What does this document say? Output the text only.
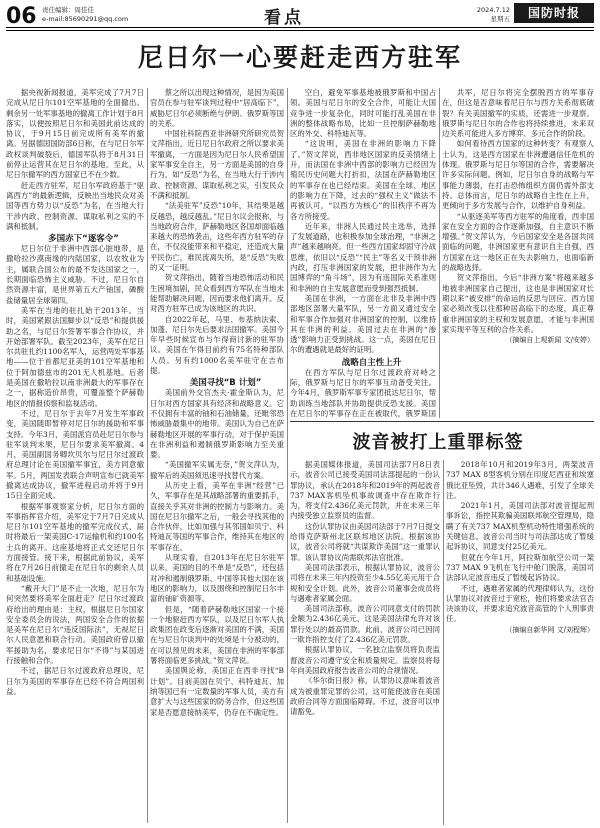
06 责任编辑：周佳佳
e-mail:85690291@qq.com	看点	2024.7.12
星期五	国防时报
尼日尔一心要赶走西方驻军

据央视新闻报道，美军完成了7月7日完成从尼日尔101空军基地的全面撤出。剩余另一处军事基地的撤离工作计划于8月落实，以便按照尼日尔和美国此前达成的协议，于9月15日前完成所有美军的撤离。另据德国国防部6日称，在与尼日尔军政权谈判破裂后，德国军队将于8月31日前停止运营其在尼日尔的基地。至此，从尼日尔撤军的西方国家已不在少数。

赶走西方驻军，尼日尔军政府基于“驱离西方”的最新逻辑，反映出当地民众对美国等西方势力以“反恐”为名，在当地大行干涉内政、控制资源、谋取私利之实的不满和抵制。

多国赤下“逐客令”

尼日尔位于非洲中西部心脏地带，是撒哈拉沙漠南缘的内陆国家，以农牧业为主，属联合国公布的最不发达国家之一，长期面临恐怖主义威胁。不过，尼日尔自然资源丰富，是世界第五大产铀国，磷酸盐储量居全球第四。

美军在当地的驻扎始于2013年。当时，美国紧跟法国脚步以“反恐”和提供援助之名，与尼日尔签署军事合作协议，并开始部署军队。截至2023年，美军在尼日尔共驻扎约1100名军人，运营两处军事基地——位于首都尼亚美的101空军基地和位于阿加德兹市的201无人机基地。后者是美国在撒哈拉以南非洲最大的军事存在之一，据称造价昂贵，可覆盖整个萨赫勒地区的情报侦察和监视活动。

不过，尼日尔于去年7月发生军事政变，美国随即暂停对尼日尔的援助和军事支持。今年3月，美国派官员赴尼日尔参与驻军谈判未果，尼日尔要求美军撤离。4月，美国副国务卿坎贝尔与尼日尔过渡政府总理讨论在美国撤军事宜，美方同意撤军。5月，两国发表联合声明宣布已就美军撤离达成协议，撤军进程启动并将于9月15日全面完成。

根据军事观察家分析，尼日尔方面的军事指挥官介绍，美军定于7月7日完成从尼日尔101空军基地的撤军完成仪式，届时将最后一架美国C-17运输机和约100名士兵的离开。这座基地将正式交还尼日尔方面接管。接下来，根据此前协议，美军将在7月26日前撤走在尼日尔的剩余人员和基础设施。

“戴开大门”是不止一次地，尼日尔为何突然要将美军全面赶走？尼日尔过渡政府给出的理由是：主权，根据尼日尔国家安全委员会的说法，两国安全合作的依据是美军在尼日尔“违反国际法”，无视尼日尔人民意愿和联合行动。美国政府曾以撤军援助为名，要求尼日尔“不得”与某国进行接触和合作。

不过，据尼日尔过渡政府总理说，尼日尔为美国的军事存在已经不符合两国利益。

蔡之所以出现这种情况，是因为美国官员在参与驻军谈判过程中“居高临下”，威胁尼日尔必须断绝与伊朗、俄罗斯等国的关系。

中国社科院西亚非洲研究所研究员贺文萍指出，近日尼日尔政府之所以要求美军撤离，一方面是因为尼日尔人民希望国家军事安全自主，另一方面是美国的自身行为，如“反恐”为名，在当地大行干涉内政、控制资源、谋取私利之实，引发民众不满和抵制。

“法美驻军”反恐”10年，其结果是越反越恐，越反越乱。”尼日尔议会报称，与当地政府合作，萨赫勒地区各国却面临越来越大的恐怖袭击，这些年西方驻军的存在，不仅没能带来和平稳定，还造成大量平民伤亡，难民流离失所，是“反恐”失败的又一证明。

贺文萍指出，随着当地恐怖活动和民生困境加剧，民众看到西方军队在当地未能帮助解决问题，因而要求他们离开。反对西方驻军已成为该地区的共识。

自2022年起，马里、布基纳法索、加蓬、尼日尔先后要求法国撤军。美国今年早些时候宣布与乍得商讨新的驻军协议。美国在乍得目前约有75名特种部队人员。另有约1000名美军驻守在吉布提。

美国寻找“B 计划”

美国前外交官杰夫·霍金斯认为，尼日尔对西方国家具有经济和战略意义。它不仅拥有丰富的铀和石油储量，还毗邻恐怖威胁最集中的地带。美国认为自己在萨赫勒地区开展的军事行动，对于保护美国在非洲利益和遏制俄罗斯影响力至关重要。

“美国撤军实属无奈，”贺文萍认为，撤军后的美国须迅速寻找替代方案。

从历史上看，美军在非洲“经营”已久，军事存在是其战略部署的重要抓手，直接关乎其对非洲的控制力与影响力。美国在尼日尔撤军之后，一般会寻找其他的合作伙伴，比如加强与其邻国如贝宁、科特迪瓦等国的军事合作，维持其在地区的军事存在。

从现实看，自2013年在尼日尔驻军以来，美国的目的不单是“反恐”，还包括对冲和遏制俄罗斯、中国等其他大国在该地区的影响力，以及围绕和控制尼日尔丰富的铀矿资源等。

但是，“随着萨赫勒地区国家一个接一个地驱赶西方军队，以及尼日尔军人执政集团在政变后逐渐对美国的不满，美国在与尼日尔谈判中的处境是十分被动的，在可以预见的未来，美国在非洲的军事部署将面临更多挑战。”贺文萍说。

美国舆论称，美国正在西非寻找“B计划”。目前美国在贝宁、科特迪瓦、加纳等国已有一定数量的军事人员，美方有意扩大与这些国家的防务合作，但这些国家是否愿意接纳美军，仍存在不确定性。

空白，避免军事基地被俄罗斯和中国占领。美国与尼日尔的安全合作，可能让大国竞争进一步复杂化，同时可能打乱美国在非洲的整体战略布局，比如一旦控制萨赫勒地区的外交、科特迪瓦等。

“这说明，美国在非洲的影响力下降了。”贺文萍说，西非地区国家的反美情绪上升，而法国在非洲中西部的影响力已经因为殖民历史问题大打折扣，法国在萨赫勒地区的军事存在也已经结束。美国在全球、地区的影响力在下降，过去的“强权主义”做法不再被认可，“以西方为核心”的旧秩序不再为各方所接受。

近年来，非洲人民通过民主选举，选择了发展道路，也积极参加全球治理，“非洲之声”越来越响亮。但一些西方国家却固守冷战思维，依旧以“反恐”“民主”等名义干预非洲内政，打压非洲国家的发展，把非洲作为大国博弈的“角斗场”，因为有违国际关系准则和非洲的自主发展意愿而受到强烈抵制。

美国在非洲，一方面在北非及非洲中西部地区部署大量军队，另一方面又通过安全和军事合作加强对非洲国家的控制，以维持其在非洲的利益。美国过去在非洲的“渗透”影响力正受到挑战。这一点，美国在尼日尔的遭遇就是最好的证明。

战略自主性上升

在西方军队与尼日尔过渡政府对峙之际，俄罗斯与尼日尔的军事互动备受关注。今年4月，俄罗斯军事专家团抵达尼日尔，帮助训练当地部队并协助提供反恐支援。美国在尼日尔的军事存在正在被取代，俄罗斯国

共军，尼日尔将完全摆脱西方的军事存在，但这是否意味着尼日尔与西方关系彻底破裂？有关美国撤军的实质，还需进一步观察。俄罗斯与尼日尔的合作也将持续推进，未来双边关系可能进入多方博弈、多元合作的阶段。

如何看待西方国家的这种转变？有观察人士认为，这是西方国家在非洲遭遇信任危机的体现。俄罗斯与尼日尔等国的合作，需要解决许多实际问题。例如，尼日尔自身的战略与军事能力薄弱，在打击恐怖组织方面仍需外部支持。总体而言，尼日尔的战略自主性在上升，更倾向于多方发展与合作，以维护自身利益。

“从驱逐美军等西方驻军的角度看，西非国家在安全方面的合作逐渐加强，自主意识不断增强。”贺文萍认为，今后国家安全是各国共同面临的问题，非洲国家更有意识自主自强，西方国家在这一地区正在失去影响力，也面临新的战略选择。

贺文萍指出，今后“非洲方案”将越来越多地被非洲国家自己提出，这也是非洲国家对长期以来“被安排”的命运的反思与回应。西方国家必须改变以往那种居高临下的态度，真正尊重非洲国家的主权和发展意愿，才能与非洲国家实现平等互利的合作关系。

（摘编自上观新闻 文/安婷）

波音被打上重罪标签

据美国媒体报道，美国司法部7月8日表示，波音公司已接受美国司法部提起的一份认罪协议，承认在2018年和2019年的两起波音737 MAX客机坠机事故调查中存在欺诈行为，将支付2.436亿美元罚款，并在未来三年内接受独立监察员的监督。

这份认罪协议由美国司法部于7月7日提交给得克萨斯州北区联邦地区法院。根据该协议，波音公司将就“共谋欺诈美国”这一重罪认罪。该认罪协议尚需联邦法官批准。

美国司法部表示，根据认罪协议，波音公司将在未来三年内投资至少4.55亿美元用于合规和安全计划。此外，波音公司董事会成员将与遇难者家属会面。

美国司法部称，波音公司同意支付的罚款金额为2.436亿美元，这是美国法律允许对该罪行处以的最高罚款。此前，波音公司已因同一欺诈指控支付了2.436亿美元罚款。

根据认罪协议，一名独立监察员将负责监督波音公司遵守安全和质量规定。监察员将每年向美国政府报告波音公司的合规情况。

《华尔街日报》称，认罪协议意味着波音成为被重罪定罪的公司，这可能使波音在美国政府合同等方面面临障碍。不过，波音可以申请豁免。

2018年10月和2019年3月，两架波音737 MAX 8型客机分别在印度尼西亚和埃塞俄比亚坠毁，共计346人遇难，引发了全球关注。

2021年1月，美国司法部对波音提起刑事诉讼，指控其欺骗美国联邦航空管理局，隐瞒了有关737 MAX机型机动特性增强系统的关键信息。波音公司当时与司法部达成了暂缓起诉协议，同意支付25亿美元。

但就在今年1月，阿拉斯加航空公司一架737 MAX 9飞机在飞行中舱门脱落，美国司法部认定波音违反了暂缓起诉协议。

不过，遇难者家属的代理律师认为，这份认罪协议对波音过于宽松，他们将要求法官否决该协议，并要求追究波音高管的个人刑事责任。

（摘编自新华网 文/刘程辉）
